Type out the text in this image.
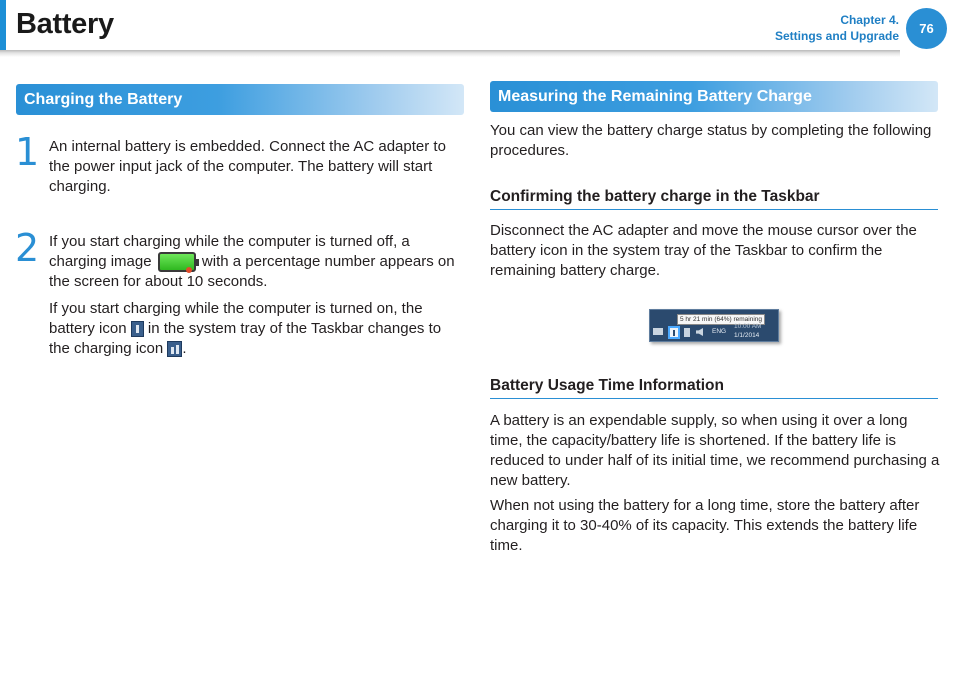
Battery	Chapter 4.
Settings and Upgrade	76
Charging the Battery
1 An internal battery is embedded. Connect the AC adapter to the power input jack of the computer. The battery will start charging.
2 If you start charging while the computer is turned off, a charging image	with a percentage number appears on the screen for about 10 seconds.
If you start charging while the computer is turned on, the battery icon in the system tray of the Taskbar changes to the charging icon .
Measuring the Remaining Battery Charge
You can view the battery charge status by completing the following procedures.
Confirming the battery charge in the Taskbar
Disconnect the AC adapter and move the mouse cursor over the battery icon in the system tray of the Taskbar to confirm the remaining battery charge.
5 hr 21 min (64%) remaining
ENG
10:00 AM
1/1/2014
Battery Usage Time Information
A battery is an expendable supply, so when using it over a long time, the capacity/battery life is shortened. If the battery life is reduced to under half of its initial time, we recommend purchasing a new battery.
When not using the battery for a long time, store the battery after charging it to 30-40% of its capacity. This extends the battery life time.
